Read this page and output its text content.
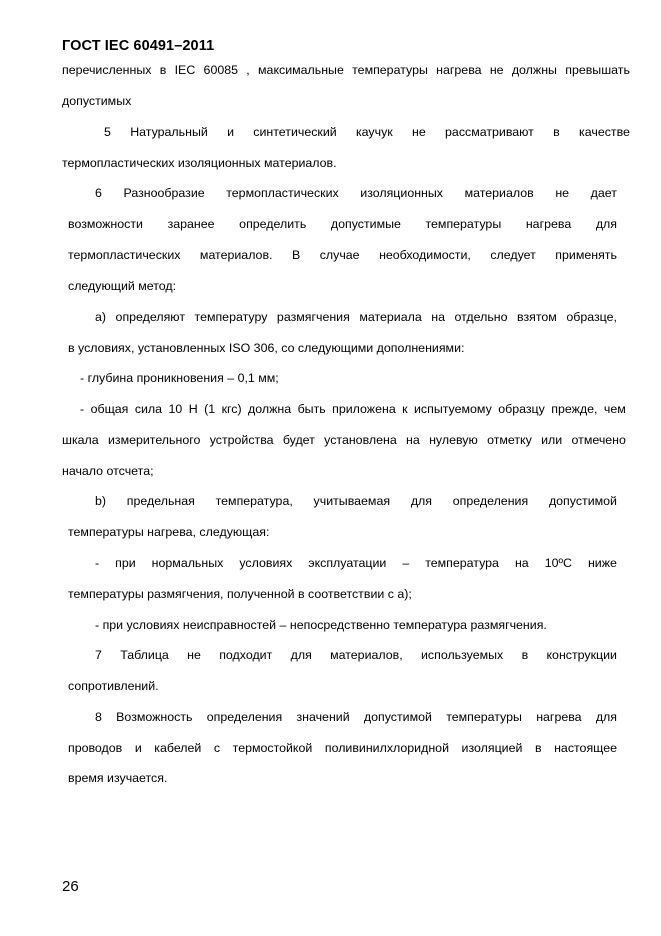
ГОСТ IEC 60491–2011
перечисленных в IEC 60085 , максимальные температуры нагрева не должны превышать
допустимых
5 Натуральный и синтетический каучук не рассматривают в качестве
термопластических изоляционных материалов.
6 Разнообразие термопластических изоляционных материалов не дает
возможности заранее определить допустимые температуры нагрева для
термопластических материалов. В случае необходимости, следует применять
следующий метод:
а) определяют температуру размягчения материала на отдельно взятом образце,
в условиях, установленных ISO 306, со следующими дополнениями:
- глубина проникновения – 0,1 мм;
- общая сила 10 Н (1 кгс) должна быть приложена к испытуемому образцу прежде, чем
шкала измерительного устройства будет установлена на нулевую отметку или отмечено
начало отсчета;
b) предельная температура, учитываемая для определения допустимой
температуры нагрева, следующая:
- при нормальных условиях эксплуатации – температура на 10ºС ниже
температуры размягчения, полученной в соответствии с а);
- при условиях неисправностей – непосредственно температура размягчения.
7 Таблица не подходит для материалов, используемых в конструкции
сопротивлений.
8 Возможность определения значений допустимой температуры нагрева для
проводов и кабелей с термостойкой поливинилхлоридной изоляцией в настоящее
время изучается.
26
